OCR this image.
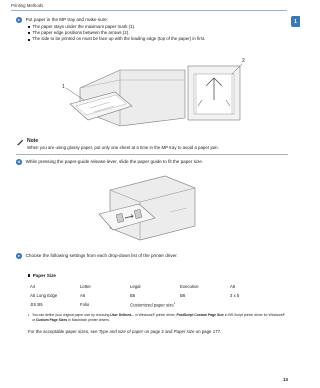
Printing Methods
1
c	Put paper in the MP tray and make sure:
The paper stays under the maximum paper mark (1).
The paper edge positions between the arrows (2).
The side to be printed on must be face up with the leading edge (top of the paper) in first.
1
2
Note
When you are using glossy paper, put only one sheet at a time in the MP tray to avoid a paper jam.
d	While pressing the paper-guide release lever, slide the paper guide to fit the paper size.
e	Choose the following settings from each drop-down list of the printer driver.
Paper Size
A4	Letter	Legal	Executive	A5
A5 Long Edge	A6	B5	B6	3 x 5
JIS B5	Folio	Customized paper size$^1$	
1 You can define your original paper size by choosing User Defined... in Windows® printer driver, PostScript Custom Page Size in BR-Script printer driver for Windows® or Custom Page Sizes in Macintosh printer drivers.
For the acceptable paper sizes, see Type and size of paper on page 2 and Paper size on page 177.
13
